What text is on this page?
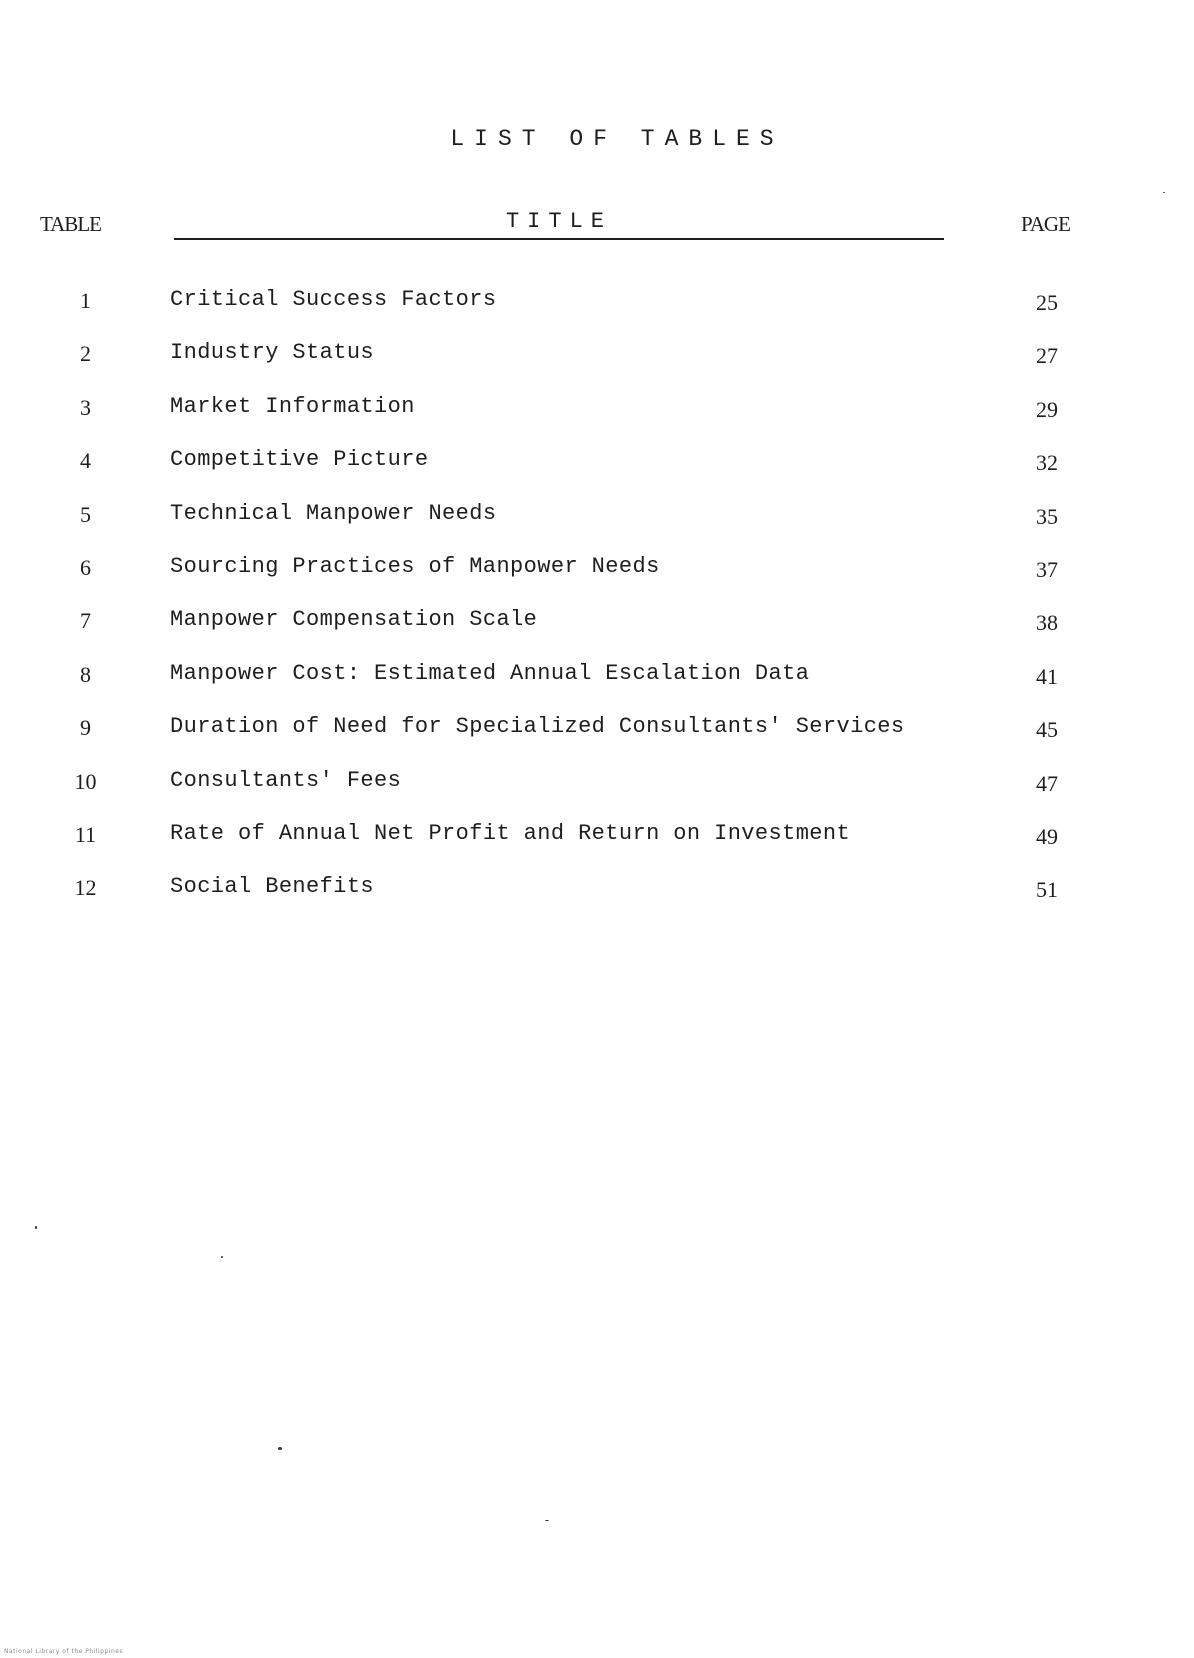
LIST OF TABLES
TABLE	TITLE	PAGE
1	Critical Success Factors	25
2	Industry Status	27
3	Market Information	29
4	Competitive Picture	32
5	Technical Manpower Needs	35
6	Sourcing Practices of Manpower Needs	37
7	Manpower Compensation Scale	38
8	Manpower Cost: Estimated Annual Escalation Data	41
9	Duration of Need for Specialized Consultants' Services	45
10	Consultants' Fees	47
11	Rate of Annual Net Profit and Return on Investment	49
12	Social Benefits	51
National Library of the Philippines
